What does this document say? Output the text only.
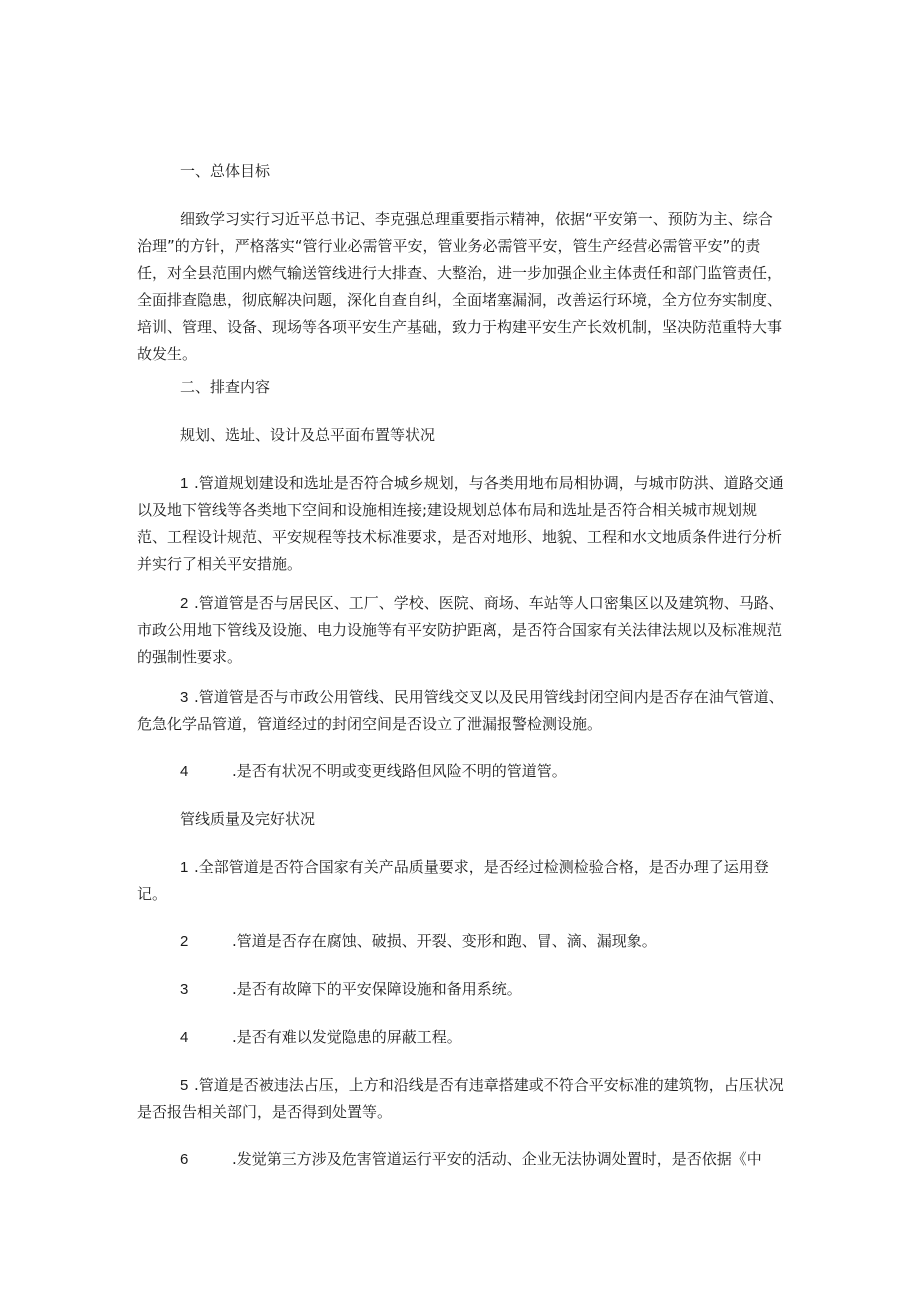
一、总体目标

细致学习实行习近平总书记、李克强总理重要指示精神，依据“平安第一、预防为主、综合治理”的方针，严格落实“管行业必需管平安，管业务必需管平安，管生产经营必需管平安”的责任，对全县范围内燃气输送管线进行大排查、大整治，进一步加强企业主体责任和部门监管责任，全面排查隐患，彻底解决问题，深化自查自纠，全面堵塞漏洞，改善运行环境，全方位夯实制度、培训、管理、设备、现场等各项平安生产基础，致力于构建平安生产长效机制，坚决防范重特大事故发生。

二、排查内容

规划、选址、设计及总平面布置等状况

1 .管道规划建设和选址是否符合城乡规划，与各类用地布局相协调，与城市防洪、道路交通以及地下管线等各类地下空间和设施相连接;建设规划总体布局和选址是否符合相关城市规划规范、工程设计规范、平安规程等技术标准要求，是否对地形、地貌、工程和水文地质条件进行分析并实行了相关平安措施。

2 .管道管是否与居民区、工厂、学校、医院、商场、车站等人口密集区以及建筑物、马路、市政公用地下管线及设施、电力设施等有平安防护距离，是否符合国家有关法律法规以及标准规范的强制性要求。

3 .管道管是否与市政公用管线、民用管线交叉以及民用管线封闭空间内是否存在油气管道、危急化学品管道，管道经过的封闭空间是否设立了泄漏报警检测设施。

4	.是否有状况不明或变更线路但风险不明的管道管。

管线质量及完好状况

1 .全部管道是否符合国家有关产品质量要求，是否经过检测检验合格，是否办理了运用登记。

2	.管道是否存在腐蚀、破损、开裂、变形和跑、冒、滴、漏现象。

3	.是否有故障下的平安保障设施和备用系统。

4	.是否有难以发觉隐患的屏蔽工程。

5 .管道是否被违法占压，上方和沿线是否有违章搭建或不符合平安标准的建筑物，占压状况是否报告相关部门，是否得到处置等。

6	.发觉第三方涉及危害管道运行平安的活动、企业无法协调处置时，是否依据《中
